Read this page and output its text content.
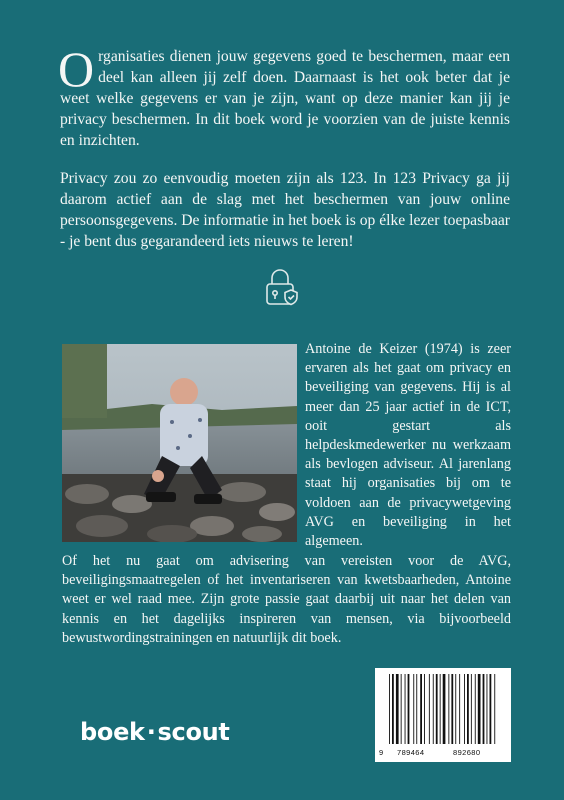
O rganisaties dienen jouw gegevens goed te beschermen, maar een deel kan alleen jij zelf doen. Daarnaast is het ook beter dat je weet welke gegevens er van je zijn, want op deze manier kan jij je privacy beschermen. In dit boek word je voorzien van de juiste kennis en inzichten.
Privacy zou zo eenvoudig moeten zijn als 123. In 123 Privacy ga jij daarom actief aan de slag met het beschermen van jouw online persoonsgegevens. De informatie in het boek is op élke lezer toepasbaar - je bent dus gegarandeerd iets nieuws te leren!
Antoine de Keizer (1974) is zeer ervaren als het gaat om privacy en beveiliging van gegevens. Hij is al meer dan 25 jaar actief in de ICT, ooit gestart als helpdeskmedewerker nu werkzaam als bevlogen adviseur. Al jarenlang staat hij organisaties bij om te voldoen aan de privacywetgeving AVG en beveiliging in het algemeen.
Of het nu gaat om advisering van vereisten voor de AVG, beveiligingsmaatregelen of het inventariseren van kwetsbaarheden, Antoine weet er wel raad mee. Zijn grote passie gaat daarbij uit naar het delen van kennis en het dagelijks inspireren van mensen, via bijvoorbeeld bewustwordingstrainingen en natuurlijk dit boek.
9 789464	892680
boek·scout
